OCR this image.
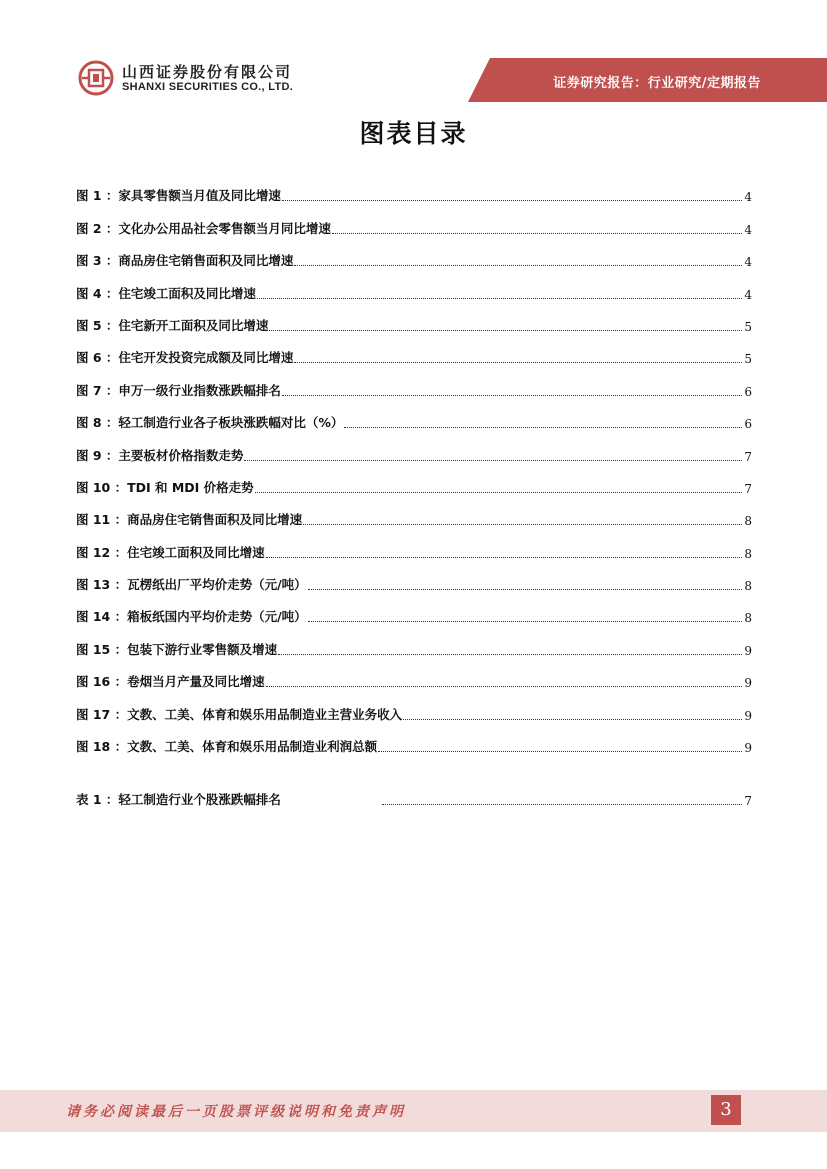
山西证券股份有限公司
SHANXI SECURITIES CO., LTD.	证券研究报告：行业研究/定期报告
图表目录
图 1 ：家具零售额当月值及同比增速	4
图 2 ：文化办公用品社会零售额当月同比增速	4
图 3 ：商品房住宅销售面积及同比增速	4
图 4 ：住宅竣工面积及同比增速	4
图 5 ：住宅新开工面积及同比增速	5
图 6 ：住宅开发投资完成额及同比增速	5
图 7 ：申万一级行业指数涨跌幅排名	6
图 8 ：轻工制造行业各子板块涨跌幅对比（%）	6
图 9 ：主要板材价格指数走势	7
图 10 ：TDI 和 MDI 价格走势	7
图 11 ：商品房住宅销售面积及同比增速	8
图 12 ：住宅竣工面积及同比增速	8
图 13 ：瓦楞纸出厂平均价走势（元/吨）	8
图 14 ：箱板纸国内平均价走势（元/吨）	8
图 15 ：包装下游行业零售额及增速	9
图 16 ：卷烟当月产量及同比增速	9
图 17 ：文教、工美、体育和娱乐用品制造业主营业务收入	9
图 18 ：文教、工美、体育和娱乐用品制造业利润总额	9
表 1 ：轻工制造行业个股涨跌幅排名	7
请务必阅读最后一页股票评级说明和免责声明	3
